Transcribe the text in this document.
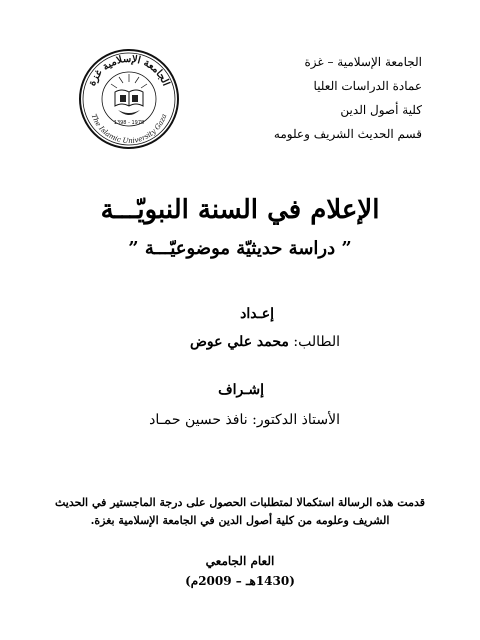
الجامعة الإسلامية – غزة

عمادة الدراسات العليا

كلية أصول الدين

قسم الحديث الشريف وعلومه

الجامعة الإسلامية غزة
The Islamic University Gaza
1978 - 1398
الإعلام في السنة النبويّـــة
” دراسة حديثيّة موضوعيّـــة ”
إعـداد
الطالب: محمد علي عوض
إشـراف
الأستاذ الدكتور: نافذ حسين حمـاد
قدمت هذه الرسالة استكمالا لمتطلبات الحصول على درجة الماجستير في الحديث الشريف وعلومه من كلية أصول الدين في الجامعة الإسلامية بغزة.
العام الجامعي
(1430هـ – 2009م)
